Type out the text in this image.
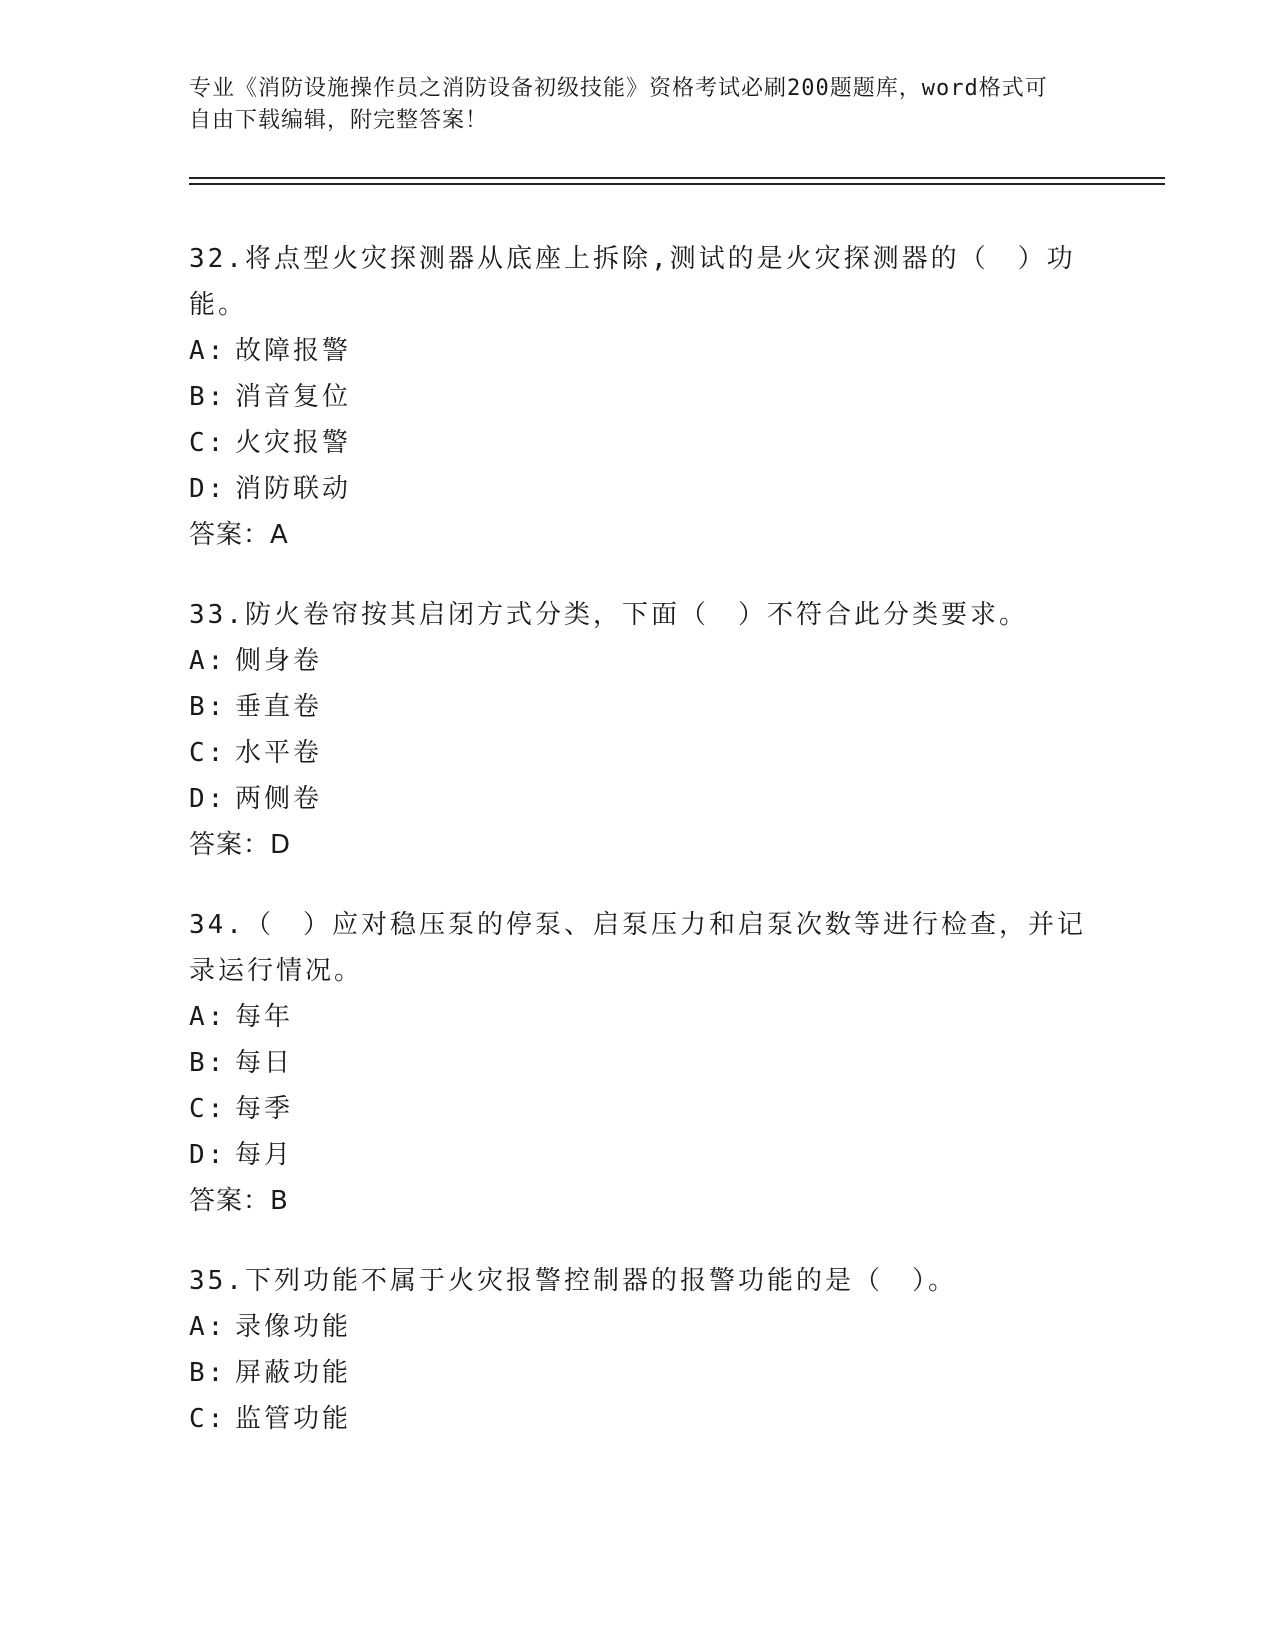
专业《消防设施操作员之消防设备初级技能》资格考试必刷200题题库，word格式可自由下载编辑，附完整答案！
32.将点型火灾探测器从底座上拆除,测试的是火灾探测器的（　）功能。
A: 故障报警
B: 消音复位
C: 火灾报警
D: 消防联动
答案：A
33.防火卷帘按其启闭方式分类，下面（　）不符合此分类要求。
A: 侧身卷
B: 垂直卷
C: 水平卷
D: 两侧卷
答案：D
34.（　）应对稳压泵的停泵、启泵压力和启泵次数等进行检查，并记录运行情况。
A: 每年
B: 每日
C: 每季
D: 每月
答案：B
35.下列功能不属于火灾报警控制器的报警功能的是（　）。
A: 录像功能
B: 屏蔽功能
C: 监管功能
